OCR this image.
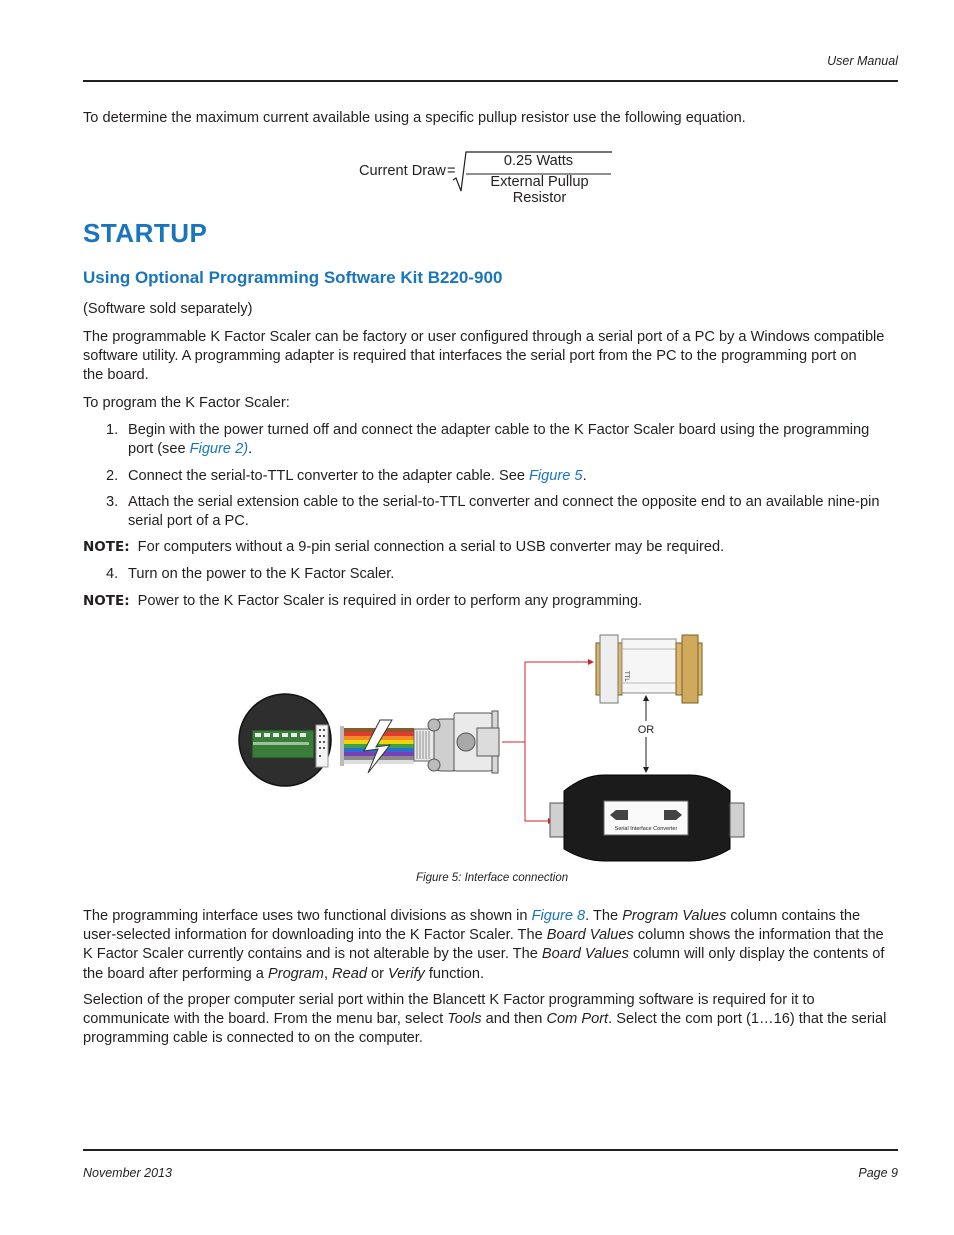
User Manual
To determine the maximum current available using a specific pullup resistor use the following equation.
Current Draw =
0.25 Watts
External Pullup Resistor
STARTUP
Using Optional Programming Software Kit B220-900
(Software sold separately)
The programmable K Factor Scaler can be factory or user configured through a serial port of a PC by a Windows compatible
software utility. A programming adapter is required that interfaces the serial port from the PC to the programming port on
the board.
To program the K Factor Scaler:
1. Begin with the power turned off and connect the adapter cable to the K Factor Scaler board using the programming
port (see Figure 2).
2. Connect the serial-to-TTL converter to the adapter cable. See Figure 5.
3. Attach the serial extension cable to the serial-to-TTL converter and connect the opposite end to an available nine-pin
serial port of a PC.
NOTE: For computers without a 9-pin serial connection a serial to USB converter may be required.
4. Turn on the power to the K Factor Scaler.
NOTE: Power to the K Factor Scaler is required in order to perform any programming.
TTL
OR
Serial Interface Converter
Figure 5: Interface connection
The programming interface uses two functional divisions as shown in Figure 8. The Program Values column contains the
user-selected information for downloading into the K Factor Scaler. The Board Values column shows the information that the
K Factor Scaler currently contains and is not alterable by the user. The Board Values column will only display the contents of
the board after performing a Program, Read or Verify function.
Selection of the proper computer serial port within the Blancett K Factor programming software is required for it to
communicate with the board. From the menu bar, select Tools and then Com Port. Select the com port (1…16) that the serial
programming cable is connected to on the computer.
November 2013	Page 9
